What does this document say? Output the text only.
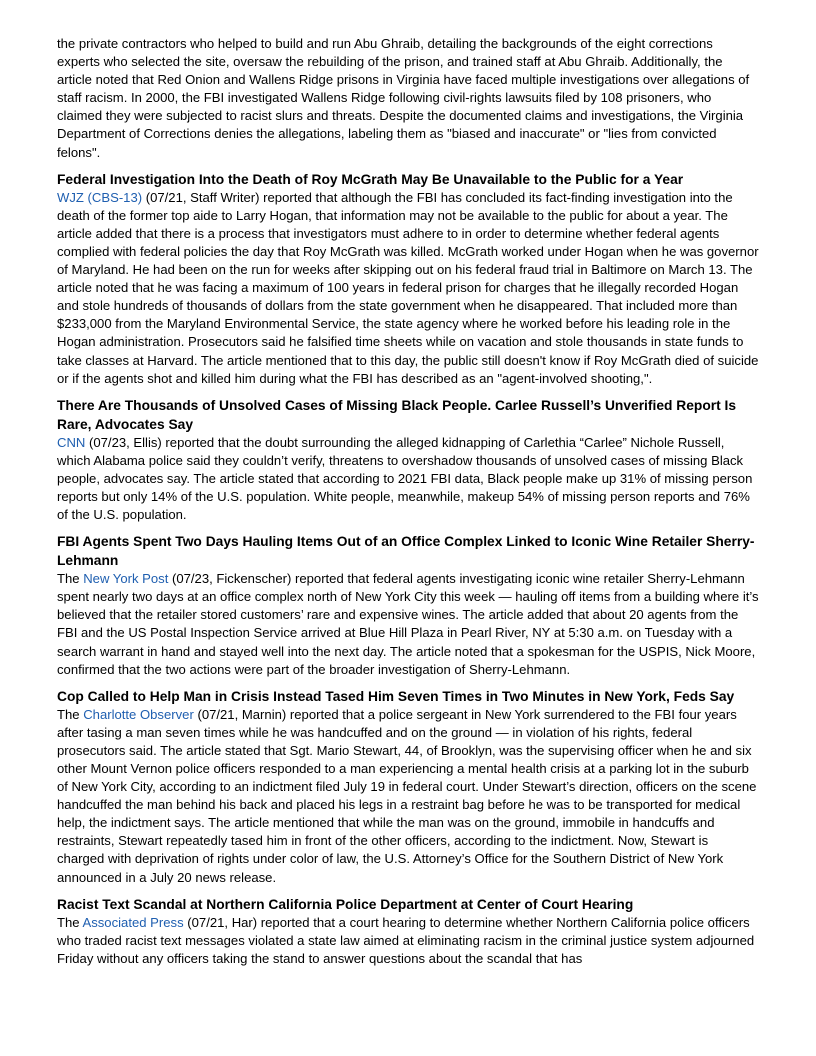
the private contractors who helped to build and run Abu Ghraib, detailing the backgrounds of the eight corrections experts who selected the site, oversaw the rebuilding of the prison, and trained staff at Abu Ghraib. Additionally, the article noted that Red Onion and Wallens Ridge prisons in Virginia have faced multiple investigations over allegations of staff racism. In 2000, the FBI investigated Wallens Ridge following civil-rights lawsuits filed by 108 prisoners, who claimed they were subjected to racist slurs and threats. Despite the documented claims and investigations, the Virginia Department of Corrections denies the allegations, labeling them as "biased and inaccurate" or "lies from convicted felons".

Federal Investigation Into the Death of Roy McGrath May Be Unavailable to the Public for a Year

WJZ (CBS-13) (07/21, Staff Writer) reported that although the FBI has concluded its fact-finding investigation into the death of the former top aide to Larry Hogan, that information may not be available to the public for about a year. The article added that there is a process that investigators must adhere to in order to determine whether federal agents complied with federal policies the day that Roy McGrath was killed. McGrath worked under Hogan when he was governor of Maryland. He had been on the run for weeks after skipping out on his federal fraud trial in Baltimore on March 13. The article noted that he was facing a maximum of 100 years in federal prison for charges that he illegally recorded Hogan and stole hundreds of thousands of dollars from the state government when he disappeared. That included more than $233,000 from the Maryland Environmental Service, the state agency where he worked before his leading role in the Hogan administration. Prosecutors said he falsified time sheets while on vacation and stole thousands in state funds to take classes at Harvard. The article mentioned that to this day, the public still doesn't know if Roy McGrath died of suicide or if the agents shot and killed him during what the FBI has described as an "agent-involved shooting,".

There Are Thousands of Unsolved Cases of Missing Black People. Carlee Russell’s Unverified Report Is Rare, Advocates Say

CNN (07/23, Ellis) reported that the doubt surrounding the alleged kidnapping of Carlethia “Carlee” Nichole Russell, which Alabama police said they couldn’t verify, threatens to overshadow thousands of unsolved cases of missing Black people, advocates say. The article stated that according to 2021 FBI data, Black people make up 31% of missing person reports but only 14% of the U.S. population. White people, meanwhile, makeup 54% of missing person reports and 76% of the U.S. population.

FBI Agents Spent Two Days Hauling Items Out of an Office Complex Linked to Iconic Wine Retailer Sherry-Lehmann

The New York Post (07/23, Fickenscher) reported that federal agents investigating iconic wine retailer Sherry-Lehmann spent nearly two days at an office complex north of New York City this week — hauling off items from a building where it’s believed that the retailer stored customers’ rare and expensive wines. The article added that about 20 agents from the FBI and the US Postal Inspection Service arrived at Blue Hill Plaza in Pearl River, NY at 5:30 a.m. on Tuesday with a search warrant in hand and stayed well into the next day. The article noted that a spokesman for the USPIS, Nick Moore, confirmed that the two actions were part of the broader investigation of Sherry-Lehmann.

Cop Called to Help Man in Crisis Instead Tased Him Seven Times in Two Minutes in New York, Feds Say

The Charlotte Observer (07/21, Marnin) reported that a police sergeant in New York surrendered to the FBI four years after tasing a man seven times while he was handcuffed and on the ground — in violation of his rights, federal prosecutors said. The article stated that Sgt. Mario Stewart, 44, of Brooklyn, was the supervising officer when he and six other Mount Vernon police officers responded to a man experiencing a mental health crisis at a parking lot in the suburb of New York City, according to an indictment filed July 19 in federal court. Under Stewart’s direction, officers on the scene handcuffed the man behind his back and placed his legs in a restraint bag before he was to be transported for medical help, the indictment says. The article mentioned that while the man was on the ground, immobile in handcuffs and restraints, Stewart repeatedly tased him in front of the other officers, according to the indictment. Now, Stewart is charged with deprivation of rights under color of law, the U.S. Attorney’s Office for the Southern District of New York announced in a July 20 news release.

Racist Text Scandal at Northern California Police Department at Center of Court Hearing

The Associated Press (07/21, Har) reported that a court hearing to determine whether Northern California police officers who traded racist text messages violated a state law aimed at eliminating racism in the criminal justice system adjourned Friday without any officers taking the stand to answer questions about the scandal that has
